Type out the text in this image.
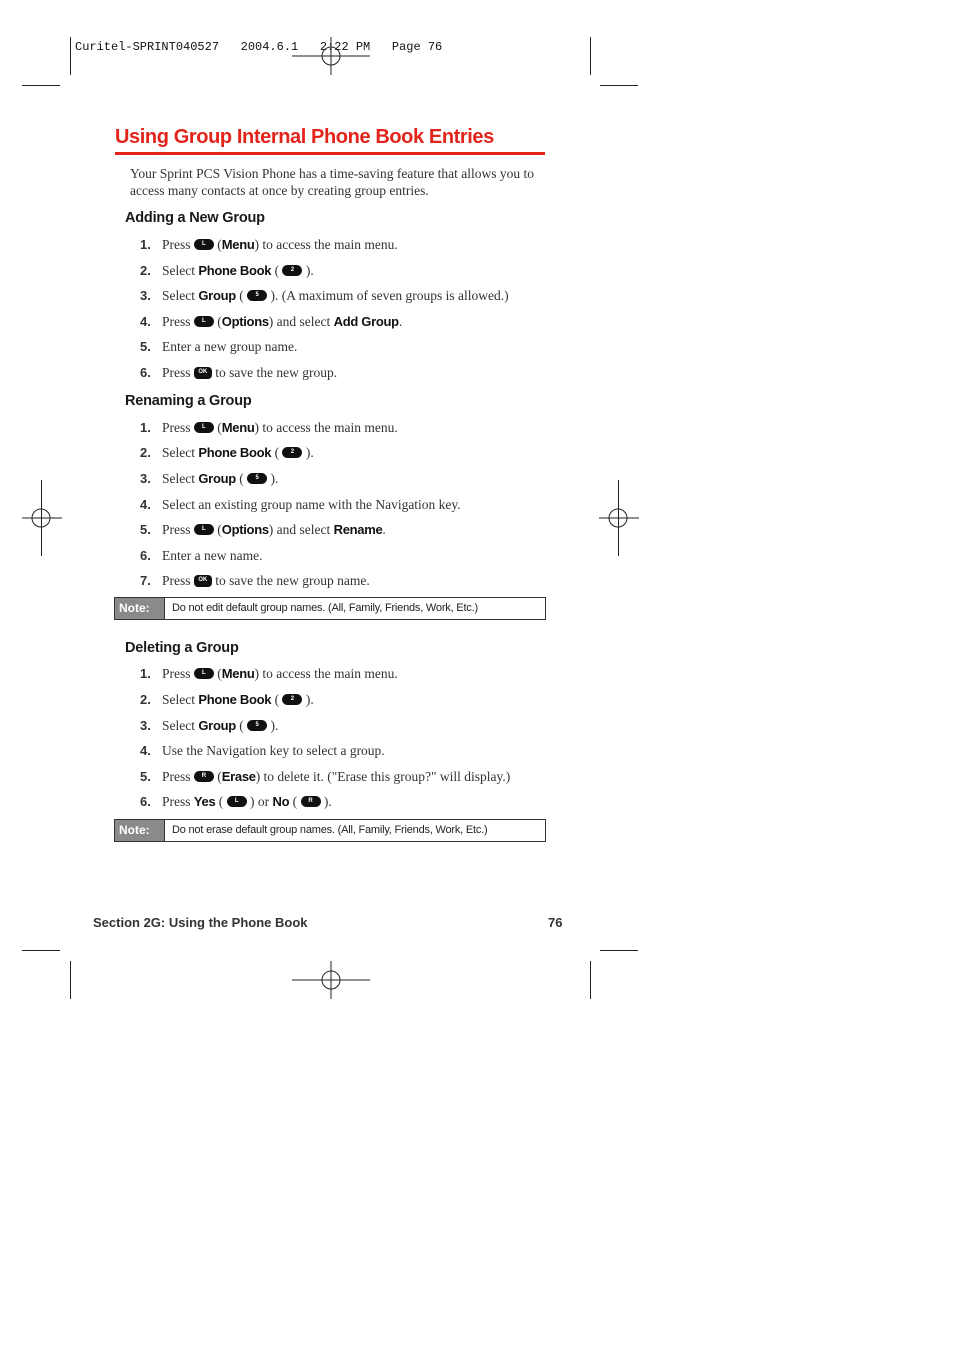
Curitel-SPRINT040527   2004.6.1   2:22 PM   Page 76
Using Group Internal Phone Book Entries
Your Sprint PCS Vision Phone has a time-saving feature that allows you to access many contacts at once by creating group entries.
Adding a New Group
1. Press L (Menu) to access the main menu.
2. Select Phone Book ( 2 ).
3. Select Group ( 5 ). (A maximum of seven groups is allowed.)
4. Press L (Options) and select Add Group.
5. Enter a new group name.
6. Press OK to save the new group.
Renaming a Group
1. Press L (Menu) to access the main menu.
2. Select Phone Book ( 2 ).
3. Select Group ( 5 ).
4. Select an existing group name with the Navigation key.
5. Press L (Options) and select Rename.
6. Enter a new name.
7. Press OK to save the new group name.
Note:	Do not edit default group names. (All, Family, Friends, Work, Etc.)
Deleting a Group
1. Press L (Menu) to access the main menu.
2. Select Phone Book ( 2 ).
3. Select Group ( 5 ).
4. Use the Navigation key to select a group.
5. Press R (Erase) to delete it. ("Erase this group?" will display.)
6. Press Yes ( L ) or No ( R ).
Note:	Do not erase default group names. (All, Family, Friends, Work, Etc.)
Section 2G: Using the Phone Book	76
